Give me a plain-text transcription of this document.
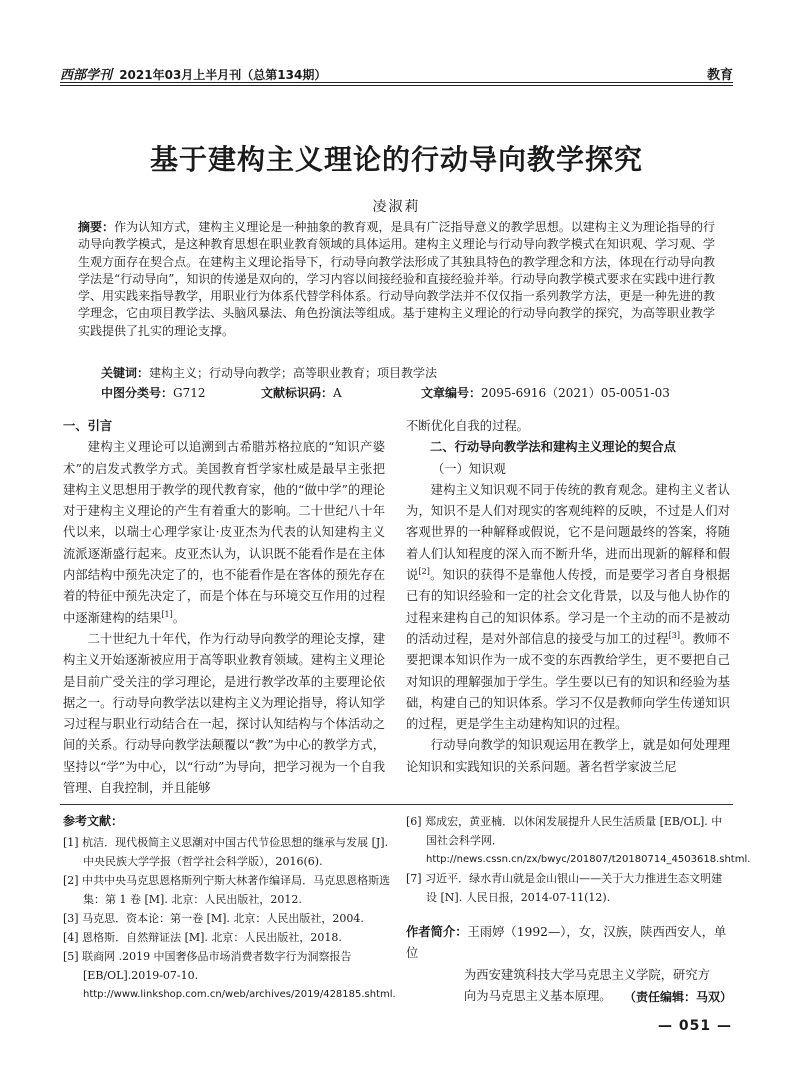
西部学刊 2021年03月上半月刊（总第134期）	教育
基于建构主义理论的行动导向教学探究
凌淑莉
摘要：作为认知方式，建构主义理论是一种抽象的教育观，是具有广泛指导意义的教学思想。以建构主义为理论指导的行动导向教学模式，是这种教育思想在职业教育领域的具体运用。建构主义理论与行动导向教学模式在知识观、学习观、学生观方面存在契合点。在建构主义理论指导下，行动导向教学法形成了其独具特色的教学理念和方法，体现在行动导向教学法是“行动导向”，知识的传递是双向的，学习内容以间接经验和直接经验并举。行动导向教学模式要求在实践中进行教学、用实践来指导教学，用职业行为体系代替学科体系。行动导向教学法并不仅仅指一系列教学方法，更是一种先进的教学理念，它由项目教学法、头脑风暴法、角色扮演法等组成。基于建构主义理论的行动导向教学的探究，为高等职业教学实践提供了扎实的理论支撑。
关键词：建构主义；行动导向教学；高等职业教育；项目教学法
中图分类号：G712	文献标识码：A	文章编号：2095-6916（2021）05-0051-03
一、引言

建构主义理论可以追溯到古希腊苏格拉底的“知识产婆术”的启发式教学方式。美国教育哲学家杜威是最早主张把建构主义思想用于教学的现代教育家，他的“做中学”的理论对于建构主义理论的产生有着重大的影响。二十世纪八十年代以来，以瑞士心理学家让·皮亚杰为代表的认知建构主义流派逐渐盛行起来。皮亚杰认为，认识既不能看作是在主体内部结构中预先决定了的，也不能看作是在客体的预先存在着的特征中预先决定了，而是个体在与环境交互作用的过程中逐渐建构的结果[1]。

二十世纪九十年代，作为行动导向教学的理论支撑，建构主义开始逐渐被应用于高等职业教育领域。建构主义理论是目前广受关注的学习理论，是进行教学改革的主要理论依据之一。行动导向教学法以建构主义为理论指导，将认知学习过程与职业行动结合在一起，探讨认知结构与个体活动之间的关系。行动导向教学法颠覆以“教”为中心的教学方式，坚持以“学”为中心，以“行动”为导向，把学习视为一个自我管理、自我控制，并且能够

不断优化自我的过程。

二、行动导向教学法和建构主义理论的契合点
（一）知识观

建构主义知识观不同于传统的教育观念。建构主义者认为，知识不是人们对现实的客观纯粹的反映，不过是人们对客观世界的一种解释或假说，它不是问题最终的答案，将随着人们认知程度的深入而不断升华，进而出现新的解释和假说[2]。知识的获得不是靠他人传授，而是要学习者自身根据已有的知识经验和一定的社会文化背景，以及与他人协作的过程来建构自己的知识体系。学习是一个主动的而不是被动的活动过程，是对外部信息的接受与加工的过程[3]。教师不要把课本知识作为一成不变的东西教给学生，更不要把自己对知识的理解强加于学生。学生要以已有的知识和经验为基础，构建自己的知识体系。学习不仅是教师向学生传递知识的过程，更是学生主动建构知识的过程。

行动导向教学的知识观运用在教学上，就是如何处理理论知识和实践知识的关系问题。著名哲学家波兰尼

参考文献：
[1] 杭洁．现代极简主义思潮对中国古代节俭思想的继承与发展 [J]. 中央民族大学学报（哲学社会科学版），2016(6).
[2] 中共中央马克思恩格斯列宁斯大林著作编译局．马克思恩格斯选集：第 1 卷 [M]. 北京：人民出版社，2012.
[3] 马克思．资本论：第一卷 [M]. 北京：人民出版社，2004.
[4] 恩格斯．自然辩证法 [M]. 北京：人民出版社，2018.
[5] 联商网 .2019 中国奢侈品市场消费者数字行为洞察报告 [EB/OL].2019-07-10.
http://www.linkshop.com.cn/web/archives/2019/428185.shtml.
[6] 郑成宏，黄亚楠．以休闲发展提升人民生活质量 [EB/OL]. 中国社会科学网．
http://news.cssn.cn/zx/bwyc/201807/t20180714_4503618.shtml.
[7] 习近平．绿水青山就是金山银山——关于大力推进生态文明建设 [N]. 人民日报，2014-07-11(12).
作者简介：王雨婷（1992—），女，汉族，陕西西安人，单位
为西安建筑科技大学马克思主义学院，研究方
向为马克思主义基本原理。	（责任编辑：马双）
— 051 —
